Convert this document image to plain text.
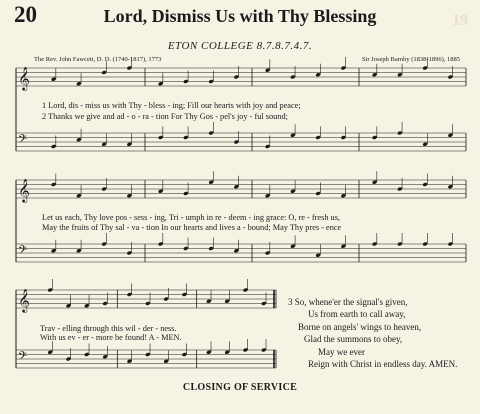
20	Lord, Dismiss Us with Thy Blessing	19
ETON COLLEGE 8.7.8.7.4.7.
The Rev. John Fawcett, D. D. (1740-1817), 1773	Sir Joseph Barnby (1838-1896), 1885
𝄞
𝄢
𝄞
𝄢
𝄞
𝄢
1 Lord, dis - miss us with Thy - bless - ing; Fill our hearts with joy and peace;
2 Thanks we give and ad - o - ra - tion For Thy Gos - pel's joy - ful sound;
Let us each, Thy love pos - sess - ing, Tri - umph in re - deem - ing grace: O, re - fresh us,
May the fruits of Thy sal - va - tion In our hearts and lives a - bound; May Thy pres - ence
Trav - elling through this wil - der - ness.
With us ev - er - more be found! A - MEN.
3 So, whene'er the signal's given,
Us from earth to call away,
Borne on angels' wings to heaven,
Glad the summons to obey,
May we ever
Reign with Christ in endless day. AMEN.
CLOSING OF SERVICE
